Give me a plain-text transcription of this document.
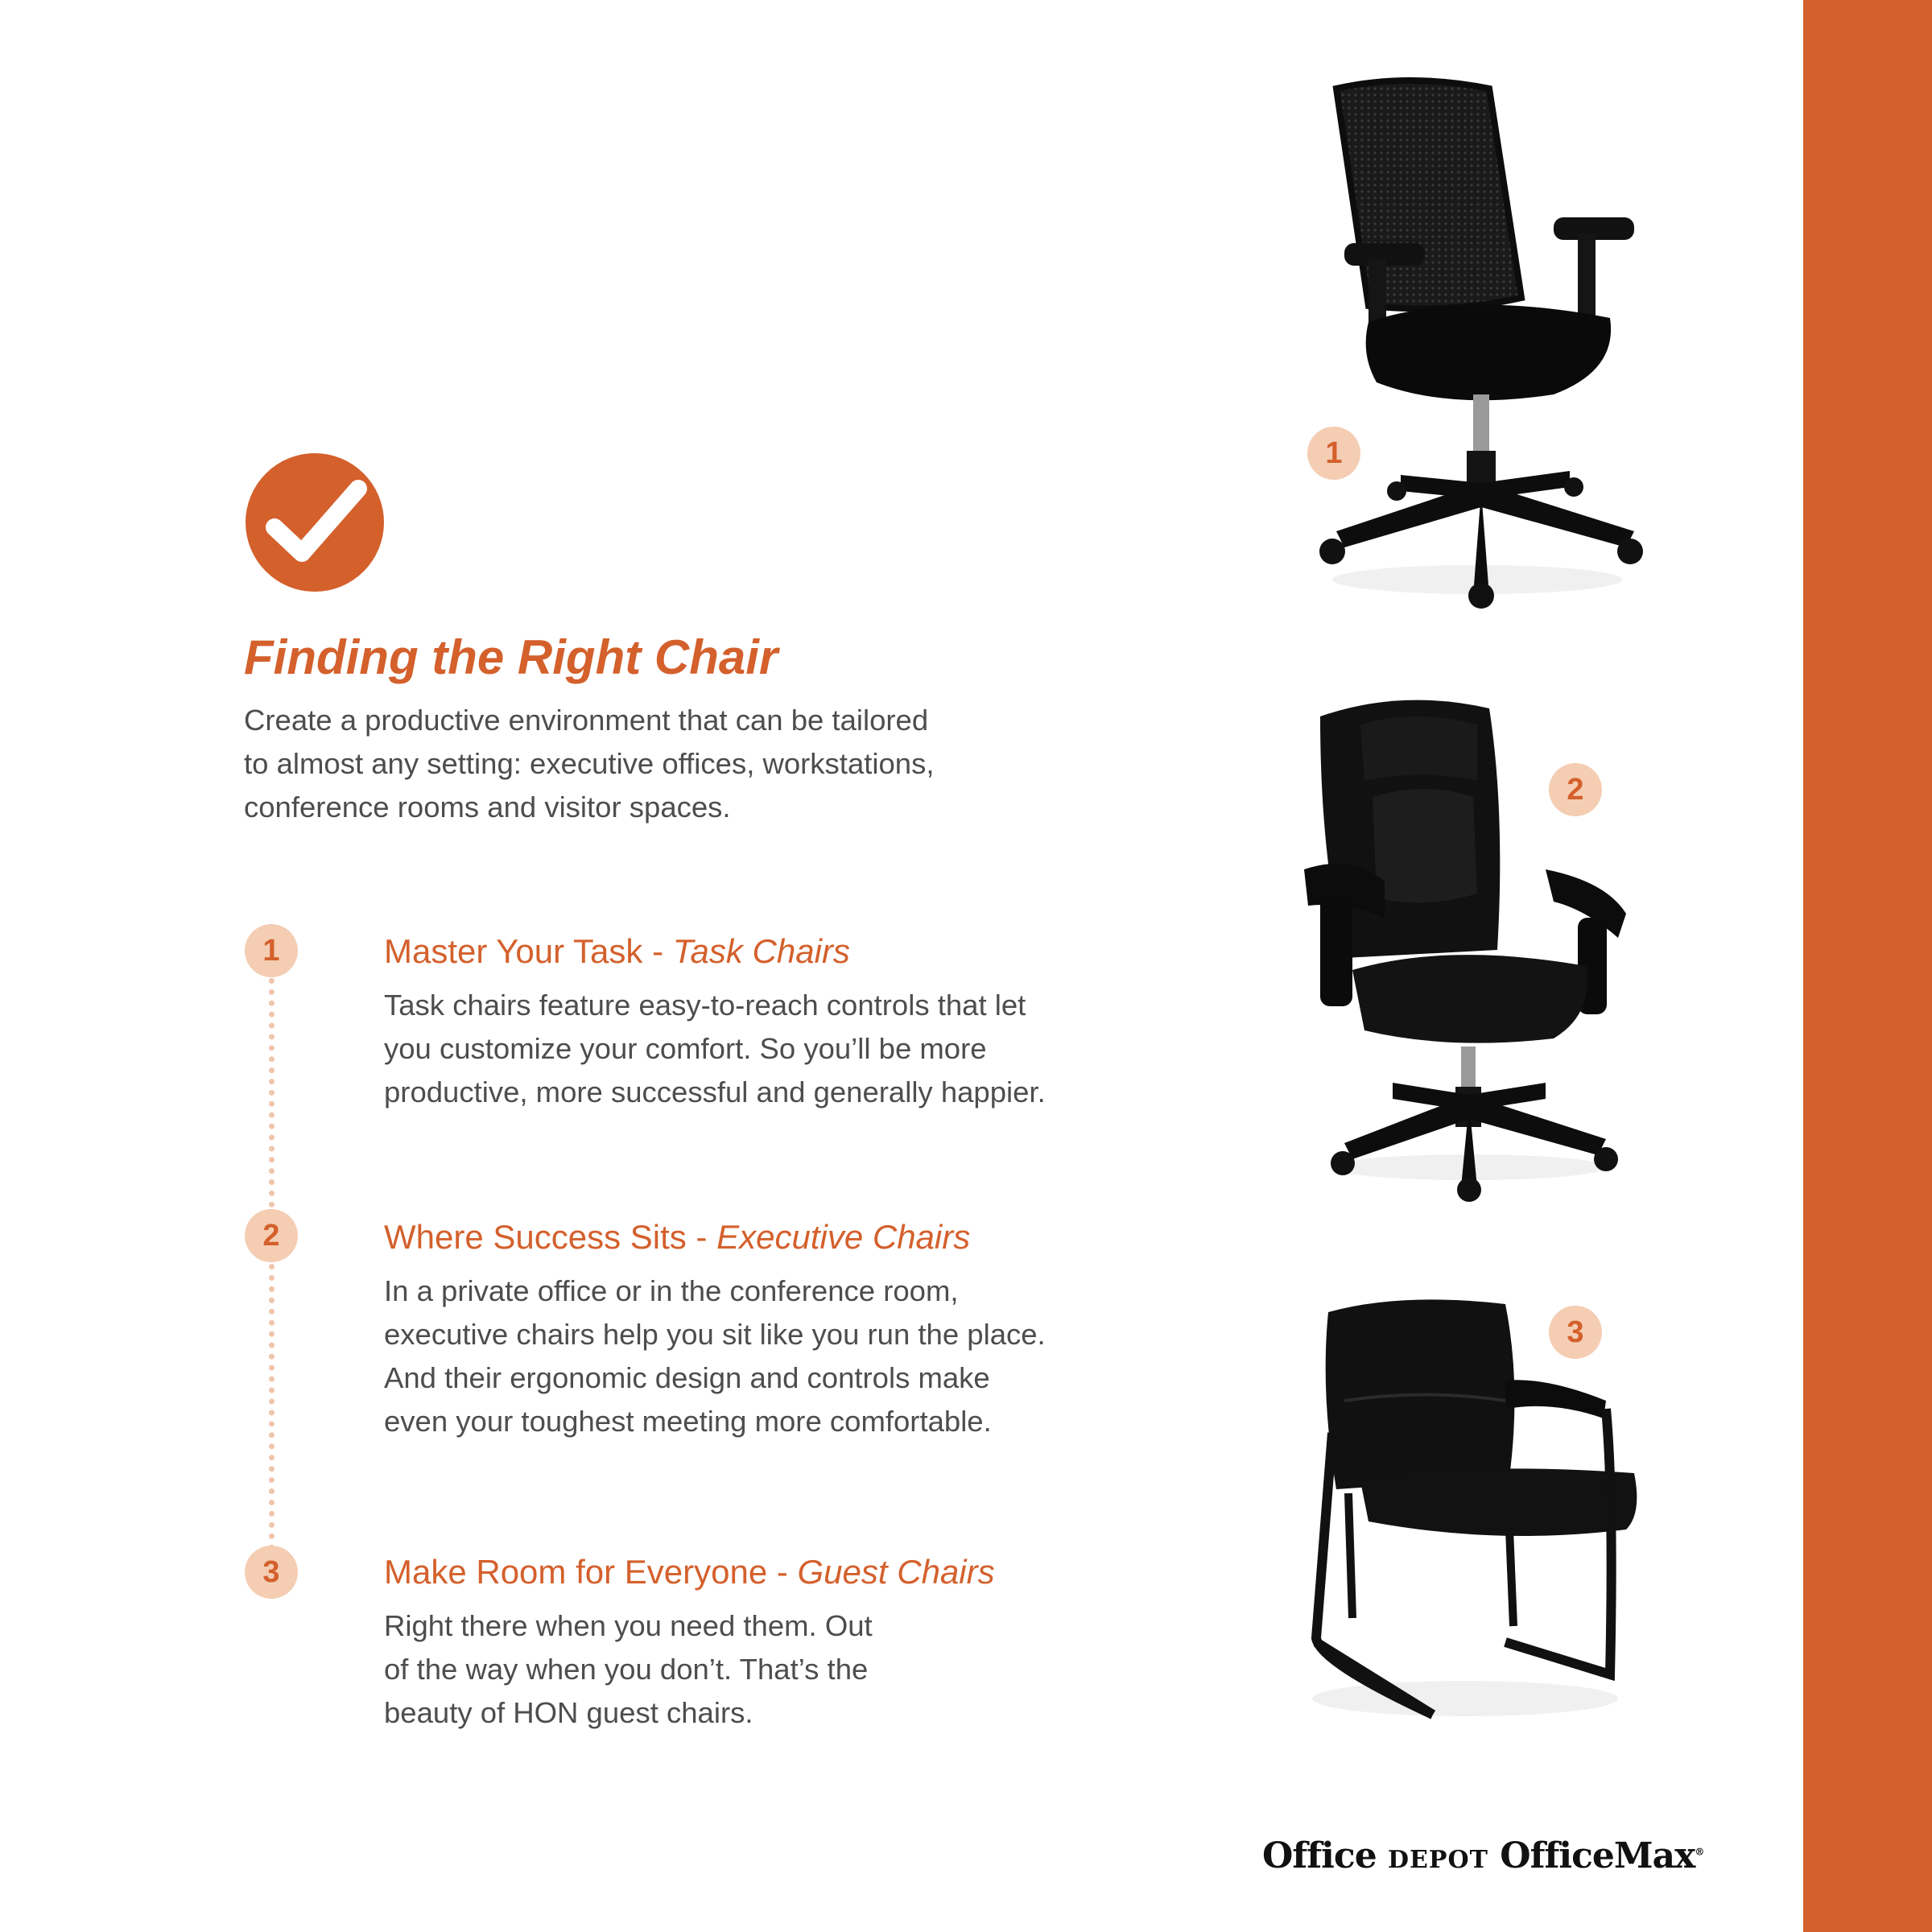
Finding the Right Chair
Create a productive environment that can be tailored
to almost any setting: executive offices, workstations,
conference rooms and visitor spaces.
1
2
3
Master Your Task - Task Chairs
Task chairs feature easy-to-reach controls that let
you customize your comfort. So you’ll be more
productive, more successful and generally happier.
Where Success Sits - Executive Chairs
In a private office or in the conference room,
executive chairs help you sit like you run the place.
And their ergonomic design and controls make
even your toughest meeting more comfortable.
Make Room for Everyone - Guest Chairs
Right there when you need them. Out
of the way when you don’t. That’s the
beauty of HON guest chairs.
1
2
3
Office DEPOT OfficeMax®
